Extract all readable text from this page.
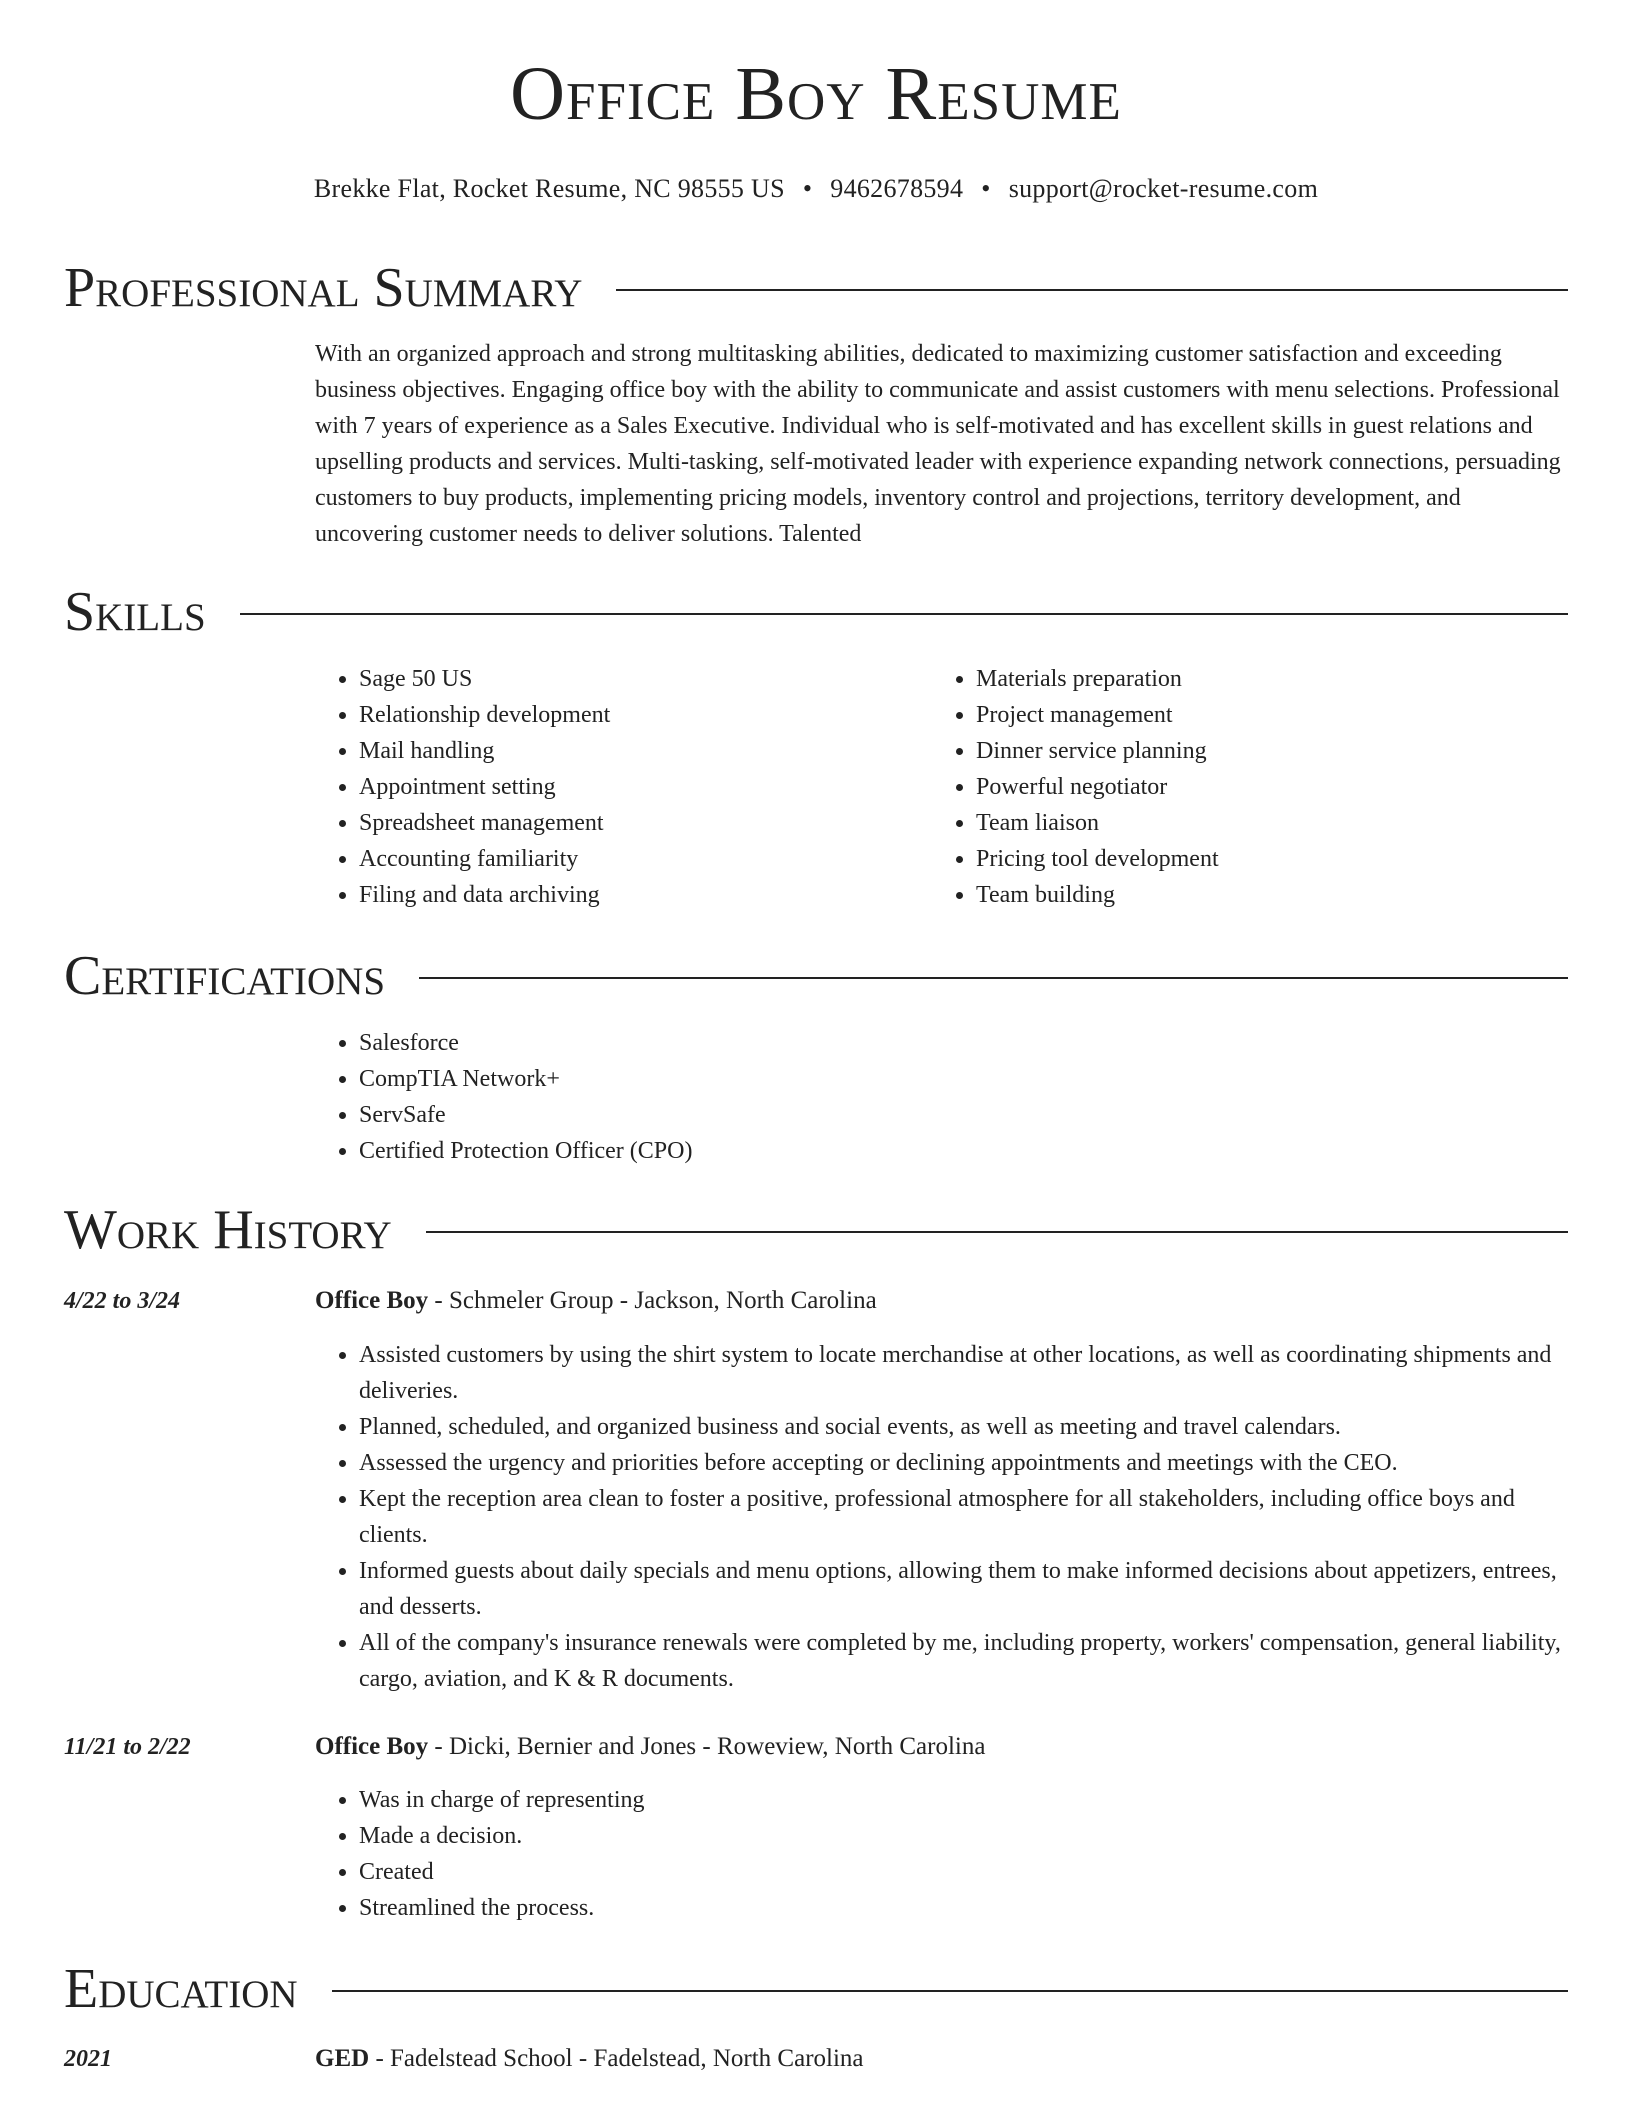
Office Boy Resume
Brekke Flat, Rocket Resume, NC 98555 US • 9462678594 • support@rocket-resume.com
Professional Summary
With an organized approach and strong multitasking abilities, dedicated to maximizing customer satisfaction and exceeding business objectives. Engaging office boy with the ability to communicate and assist customers with menu selections. Professional with 7 years of experience as a Sales Executive. Individual who is self-motivated and has excellent skills in guest relations and upselling products and services. Multi-tasking, self-motivated leader with experience expanding network connections, persuading customers to buy products, implementing pricing models, inventory control and projections, territory development, and uncovering customer needs to deliver solutions. Talented
Skills
• Sage 50 US
• Relationship development
• Mail handling
• Appointment setting
• Spreadsheet management
• Accounting familiarity
• Filing and data archiving
• Materials preparation
• Project management
• Dinner service planning
• Powerful negotiator
• Team liaison
• Pricing tool development
• Team building
Certifications
• Salesforce
• CompTIA Network+
• ServSafe
• Certified Protection Officer (CPO)
Work History
4/22 to 3/24	Office Boy - Schmeler Group - Jackson, North Carolina
• Assisted customers by using the shirt system to locate merchandise at other locations, as well as coordinating shipments and deliveries.
• Planned, scheduled, and organized business and social events, as well as meeting and travel calendars.
• Assessed the urgency and priorities before accepting or declining appointments and meetings with the CEO.
• Kept the reception area clean to foster a positive, professional atmosphere for all stakeholders, including office boys and clients.
• Informed guests about daily specials and menu options, allowing them to make informed decisions about appetizers, entrees, and desserts.
• All of the company's insurance renewals were completed by me, including property, workers' compensation, general liability, cargo, aviation, and K & R documents.
11/21 to 2/22	Office Boy - Dicki, Bernier and Jones - Roweview, North Carolina
• Was in charge of representing
• Made a decision.
• Created
• Streamlined the process.
Education
2021	GED - Fadelstead School - Fadelstead, North Carolina
